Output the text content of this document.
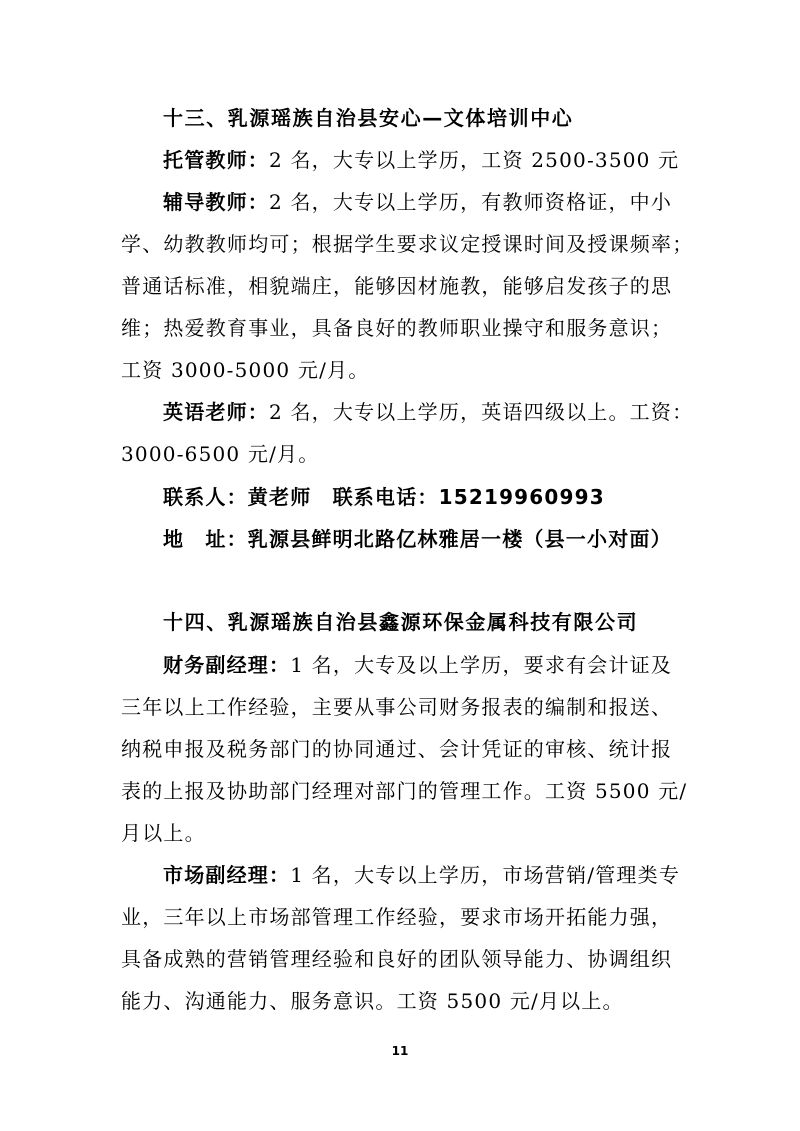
十三、乳源瑶族自治县安心—文体培训中心
托管教师：2 名，大专以上学历，工资 2500-3500 元
辅导教师：2 名，大专以上学历，有教师资格证，中小
学、幼教教师均可；根据学生要求议定授课时间及授课频率；
普通话标准，相貌端庄，能够因材施教，能够启发孩子的思
维；热爱教育事业，具备良好的教师职业操守和服务意识；
工资 3000-5000 元/月。
英语老师：2 名，大专以上学历，英语四级以上。工资：
3000-6500 元/月。
联系人：黄老师　联系电话：15219960993
地　址：乳源县鲜明北路亿林雅居一楼（县一小对面）
十四、乳源瑶族自治县鑫源环保金属科技有限公司
财务副经理：1 名，大专及以上学历，要求有会计证及
三年以上工作经验，主要从事公司财务报表的编制和报送、
纳税申报及税务部门的协同通过、会计凭证的审核、统计报
表的上报及协助部门经理对部门的管理工作。工资 5500 元/
月以上。
市场副经理：1 名，大专以上学历，市场营销/管理类专
业，三年以上市场部管理工作经验，要求市场开拓能力强，
具备成熟的营销管理经验和良好的团队领导能力、协调组织
能力、沟通能力、服务意识。工资 5500 元/月以上。
11
